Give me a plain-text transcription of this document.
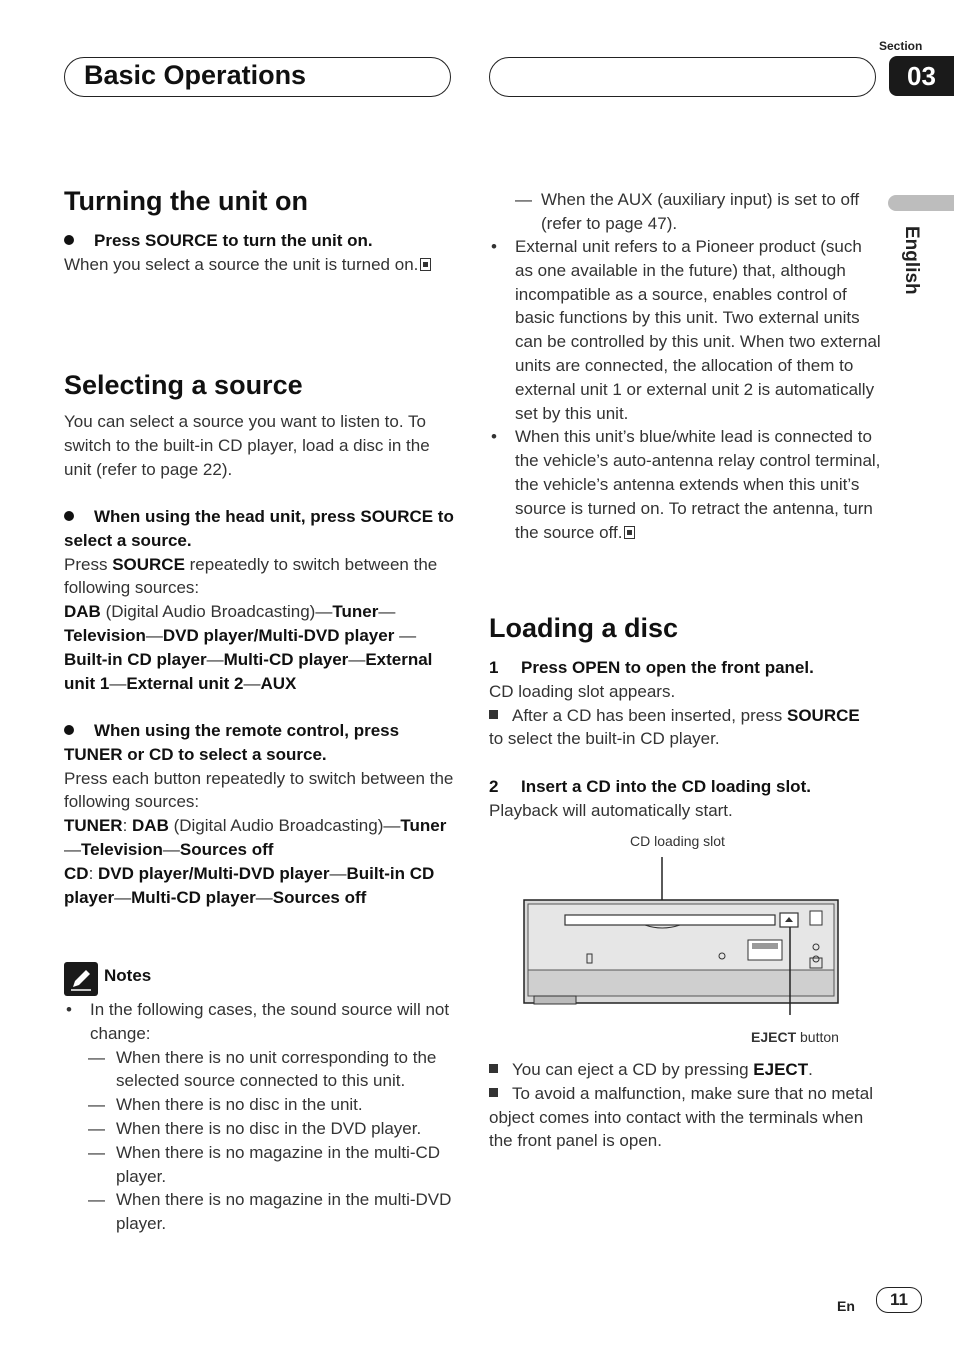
Basic Operations
Section
03
English
Turning the unit on
Press SOURCE to turn the unit on.
When you select a source the unit is turned on.
Selecting a source
You can select a source you want to listen to. To switch to the built-in CD player, load a disc in the unit (refer to page 22).
When using the head unit, press SOURCE to select a source.
Press SOURCE repeatedly to switch between the following sources:
DAB (Digital Audio Broadcasting)—Tuner—Television—DVD player/Multi-DVD player —Built-in CD player—Multi-CD player—External unit 1—External unit 2—AUX
When using the remote control, press TUNER or CD to select a source.
Press each button repeatedly to switch between the following sources:
TUNER: DAB (Digital Audio Broadcasting)—Tuner—Television—Sources off
CD: DVD player/Multi-DVD player—Built-in CD player—Multi-CD player—Sources off
Notes
• In the following cases, the sound source will not change:
— When there is no unit corresponding to the selected source connected to this unit.
— When there is no disc in the unit.
— When there is no disc in the DVD player.
— When there is no magazine in the multi-CD player.
— When there is no magazine in the multi-DVD player.
— When the AUX (auxiliary input) is set to off (refer to page 47).
• External unit refers to a Pioneer product (such as one available in the future) that, although incompatible as a source, enables control of basic functions by this unit. Two external units can be controlled by this unit. When two external units are connected, the allocation of them to external unit 1 or external unit 2 is automatically set by this unit.
• When this unit’s blue/white lead is connected to the vehicle’s auto-antenna relay control terminal, the vehicle’s antenna extends when this unit’s source is turned on. To retract the antenna, turn the source off.
Loading a disc
1 Press OPEN to open the front panel.
CD loading slot appears.
After a CD has been inserted, press SOURCE
to select the built-in CD player.
2 Insert a CD into the CD loading slot.
Playback will automatically start.
CD loading slot
EJECT button
You can eject a CD by pressing EJECT.
To avoid a malfunction, make sure that no metal object comes into contact with the terminals when the front panel is open.
En	11
